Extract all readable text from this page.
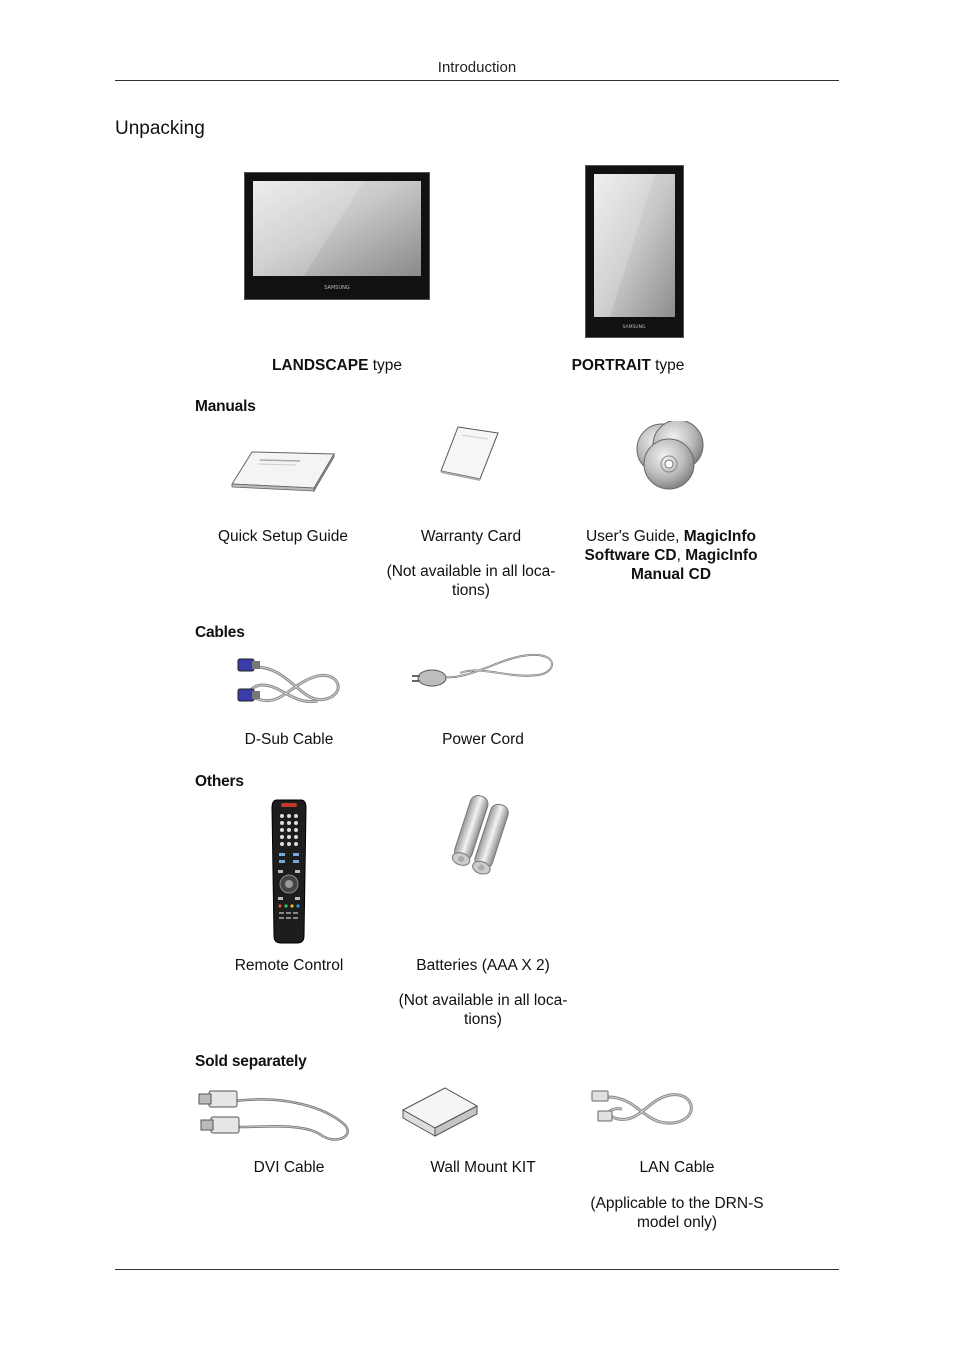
Introduction
Unpacking
SAMSUNG
SAMSUNG
LANDSCAPE type	PORTRAIT type
Manuals
Quick Setup Guide	Warranty Card
(Not available in all loca-
tions)
User's Guide, MagicInfo
Software CD, MagicInfo
Manual CD
Cables
D-Sub Cable	Power Cord
Others
Remote Control	Batteries (AAA X 2)
(Not available in all loca-
tions)
Sold separately
DVI Cable	Wall Mount KIT	LAN Cable
(Applicable to the DRN-S
model only)
